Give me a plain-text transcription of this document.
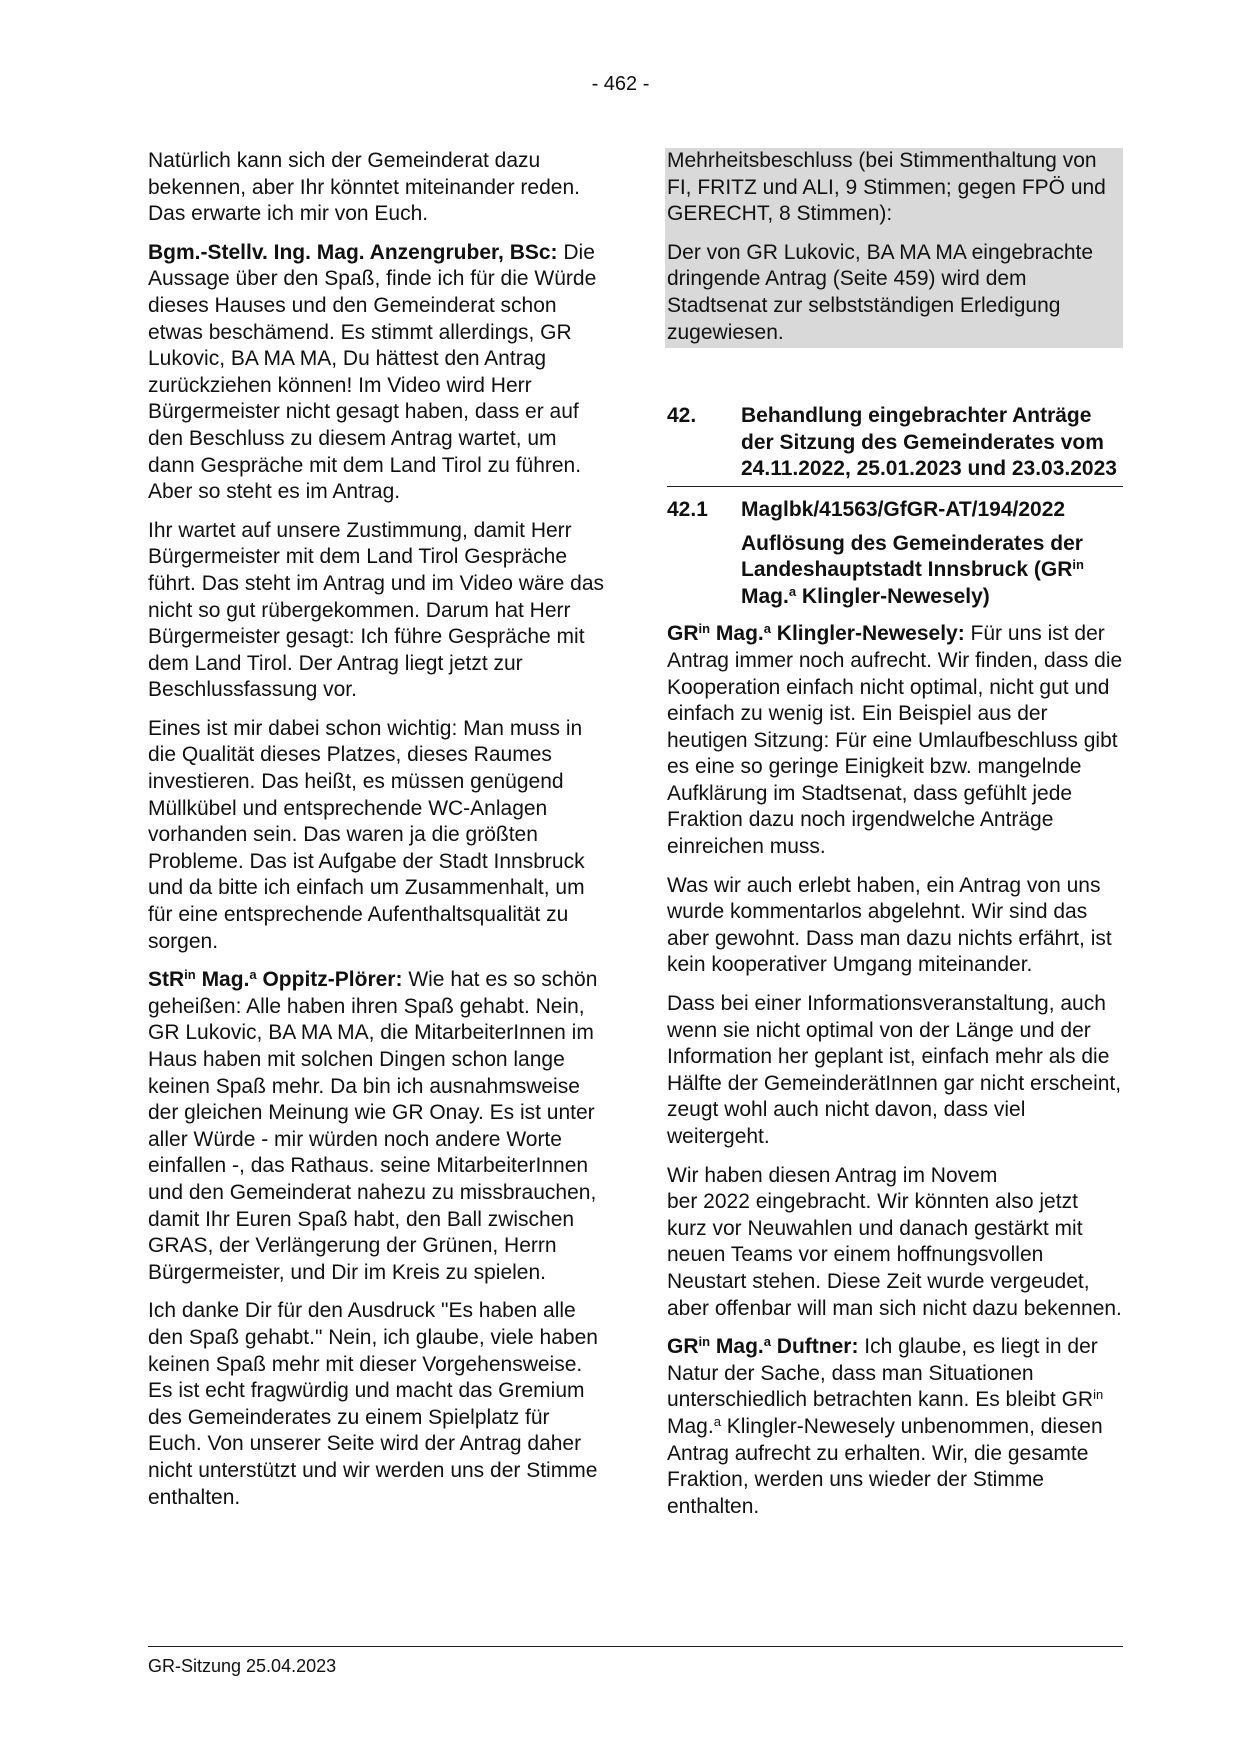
- 462 -

Natürlich kann sich der Gemeinderat dazu bekennen, aber Ihr könntet miteinander reden. Das erwarte ich mir von Euch.

Bgm.-Stellv. Ing. Mag. Anzengruber, BSc: Die Aussage über den Spaß, finde ich für die Würde dieses Hauses und den Gemeinderat schon etwas beschämend. Es stimmt allerdings, GR Lukovic, BA MA MA, Du hättest den Antrag zurückziehen können! Im Video wird Herr Bürgermeister nicht gesagt haben, dass er auf den Beschluss zu diesem Antrag wartet, um dann Gespräche mit dem Land Tirol zu führen. Aber so steht es im Antrag.

Ihr wartet auf unsere Zustimmung, damit Herr Bürgermeister mit dem Land Tirol Gespräche führt. Das steht im Antrag und im Video wäre das nicht so gut rübergekommen. Darum hat Herr Bürgermeister gesagt: Ich führe Gespräche mit dem Land Tirol. Der Antrag liegt jetzt zur Beschlussfassung vor.

Eines ist mir dabei schon wichtig: Man muss in die Qualität dieses Platzes, dieses Raumes investieren. Das heißt, es müssen genügend Müllkübel und entsprechende WC-Anlagen vorhanden sein. Das waren ja die größten Probleme. Das ist Aufgabe der Stadt Innsbruck und da bitte ich einfach um Zusammenhalt, um für eine entsprechende Aufenthaltsqualität zu sorgen.

StR$^{in}$ Mag.$^a$ Oppitz-Plörer: Wie hat es so schön geheißen: Alle haben ihren Spaß gehabt. Nein, GR Lukovic, BA MA MA, die MitarbeiterInnen im Haus haben mit solchen Dingen schon lange keinen Spaß mehr. Da bin ich ausnahmsweise der gleichen Meinung wie GR Onay. Es ist unter aller Würde - mir würden noch andere Worte einfallen -, das Rathaus. seine MitarbeiterInnen und den Gemeinderat nahezu zu missbrauchen, damit Ihr Euren Spaß habt, den Ball zwischen GRAS, der Verlängerung der Grünen, Herrn Bürgermeister, und Dir im Kreis zu spielen.

Ich danke Dir für den Ausdruck "Es haben alle den Spaß gehabt." Nein, ich glaube, viele haben keinen Spaß mehr mit dieser Vorgehensweise. Es ist echt fragwürdig und macht das Gremium des Gemeinderates zu einem Spielplatz für Euch. Von unserer Seite wird der Antrag daher nicht unterstützt und wir werden uns der Stimme enthalten.

Mehrheitsbeschluss (bei Stimmenthaltung von FI, FRITZ und ALI, 9 Stimmen; gegen FPÖ und GERECHT, 8 Stimmen):

Der von GR Lukovic, BA MA MA eingebrachte dringende Antrag (Seite 459) wird dem Stadtsenat zur selbstständigen Erledigung zugewiesen.

42.	Behandlung eingebrachter Anträge der Sitzung des Gemeinderates vom 24.11.2022, 25.01.2023 und 23.03.2023
42.1	Maglbk/41563/GfGR-AT/194/2022
Auflösung des Gemeinderates der Landeshauptstadt Innsbruck ($GR^{in}$ Mag.$^a$ Klingler-Newesely)

$GR^{in}$ Mag.$^a$ Klingler-Newesely: Für uns ist der Antrag immer noch aufrecht. Wir finden, dass die Kooperation einfach nicht optimal, nicht gut und einfach zu wenig ist. Ein Beispiel aus der heutigen Sitzung: Für eine Umlaufbeschluss gibt es eine so geringe Einigkeit bzw. mangelnde Aufklärung im Stadtsenat, dass gefühlt jede Fraktion dazu noch irgendwelche Anträge einreichen muss.

Was wir auch erlebt haben, ein Antrag von uns wurde kommentarlos abgelehnt. Wir sind das aber gewohnt. Dass man dazu nichts erfährt, ist kein kooperativer Umgang miteinander.

Dass bei einer Informationsveranstaltung, auch wenn sie nicht optimal von der Länge und der Information her geplant ist, einfach mehr als die Hälfte der GemeinderätInnen gar nicht erscheint, zeugt wohl auch nicht davon, dass viel weitergeht.

Wir haben diesen Antrag im Novem
ber 2022 eingebracht. Wir könnten also jetzt kurz vor Neuwahlen und danach gestärkt mit neuen Teams vor einem hoffnungsvollen Neustart stehen. Diese Zeit wurde vergeudet, aber offenbar will man sich nicht dazu bekennen.

$GR^{in}$ Mag.$^a$ Duftner: Ich glaube, es liegt in der Natur der Sache, dass man Situationen unterschiedlich betrachten kann. Es bleibt $GR^{in}$ Mag.$^a$ Klingler-Newesely unbenommen, diesen Antrag aufrecht zu erhalten. Wir, die gesamte Fraktion, werden uns wieder der Stimme enthalten.

GR-Sitzung 25.04.2023
